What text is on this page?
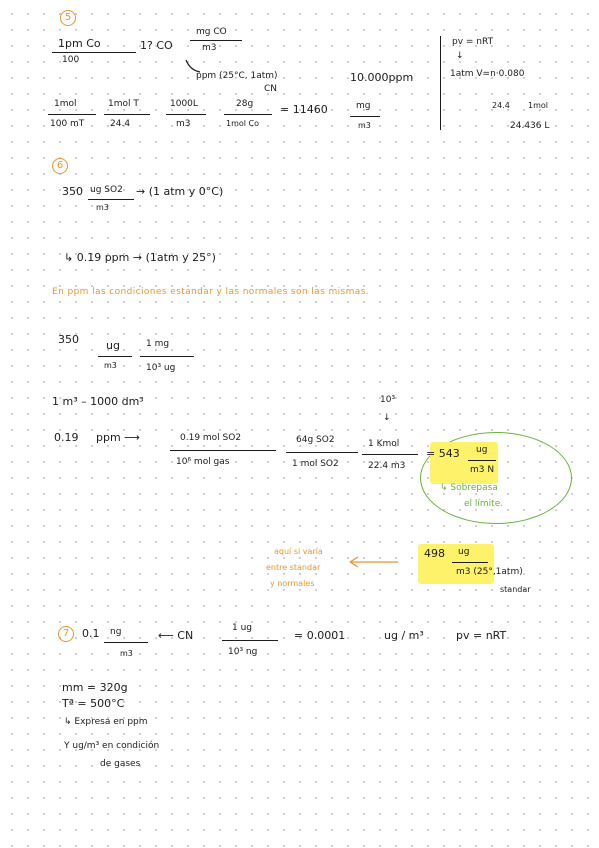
5
1pm Co
100
1? CO
mg CO
m3
ppm (25°C, 1atm)
CN
10.000ppm
pv = nRT
↓
1atm V=n·0.080
24.4 1mol
24.436 L
1mol
100 mT
1mol T
24.4
1000L
m3
28g
1mol Co
= 11460	mg
m3
6
350 ug SO2
m3
→ (1 atm y 0°C)
↳ 0.19 ppm → (1atm y 25°)
En ppm las condiciones estandar y las normales son las mismas.
350 ug
m3
1 mg
10³ ug
1 m³ – 1000 dm³	10³
↓
0.19 ppm ⟶	0.19 mol SO2
10⁶ mol gas
64g SO2
1 mol SO2
1 Kmol
22.4 m3
= 543 ug
m3 N
↳ Sobrepasa
el límite.
aquí si varía
entre standar
y normales
498 ug
m3 (25°,1atm)
standar
7	0.1 ng
m3
⟵ CN
1 ug
10³ ng
= 0.0001	ug / m³	pv = nRT
mm = 320g
Tª = 500°C
↳ Expresa en ppm
Y ug/m³ en condición
de gases
